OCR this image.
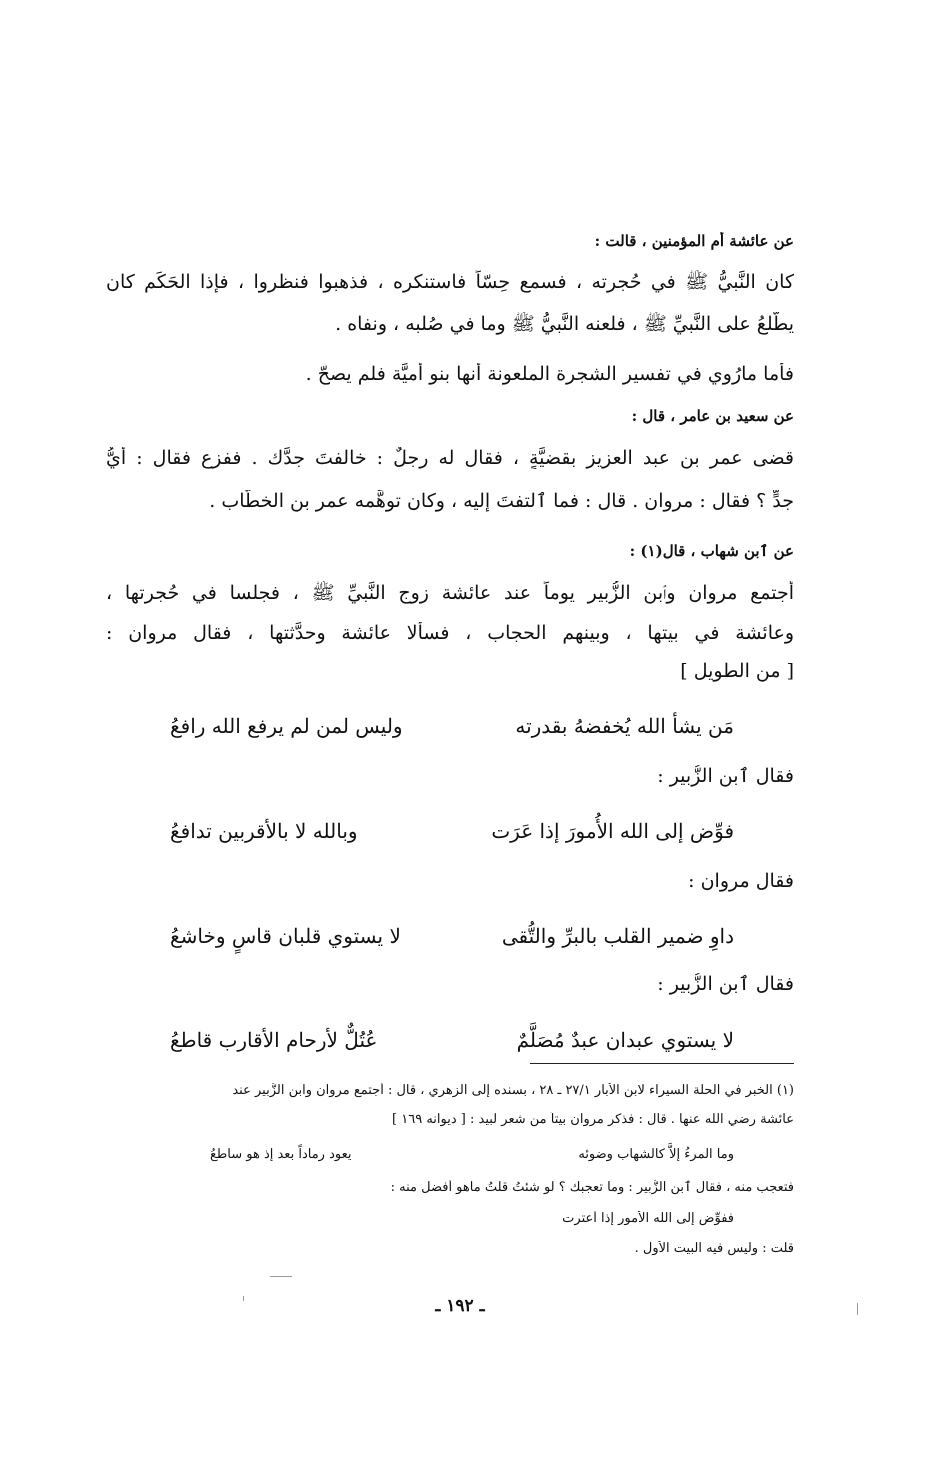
عن عائشة أم المؤمنين ، قالت :
كان النَّبيُّ ﷺ في حُجرته ، فسمع حِسّاً فاستنكره ، فذهبوا فنظروا ، فإذا الحَكَم كان
يطَّلعُ على النَّبيِّ ﷺ ، فلعنه النَّبيُّ ﷺ وما في صُلبه ، ونفاه .
فأما مارُوي في تفسير الشجرة الملعونة أنها بنو أُميَّة فلم يصحّ .
عن سعيد بن عامر ، قال :
قضى عمر بن عبد العزيز بقضيَّةٍ ، فقال له رجلٌ : خالفتَ جدَّك . ففزع فقال : أيُّ
جدٍّ ؟ فقال : مروان . قال : فما ٱلتفتَ إليه ، وكان توهَّمه عمر بن الخطَّاب .
عن ٱبن شهاب ، قال(١) :
أجتمع مروان وٱبن الزُّبير يوماً عند عائشة زوج النَّبيِّ ﷺ ، فجلسا في حُجرتها ،
وعائشة في بيتها ، وبينهم الحجاب ، فسألا عائشة وحدَّثتها ، فقال مروان :
[ من الطويل ]
مَن يشأ الله يُخفضهُ بقدرته
وليس لمن لم يرفع الله رافعُ
فقال ٱبن الزُّبير :
فوِّض إلى الله الأُمورَ إذا عَرَت
وبالله لا بالأقربين تدافعُ
فقال مروان :
داوِ ضمير القلب بالبرِّ والتُّقى
لا يستوي قلبان قاسٍ وخاشعُ
فقال ٱبن الزُّبير :
لا يستوي عبدان عبدٌ مُصَلَّمٌ
عُتُلٌّ لأرحام الأقارب قاطعُ
(١) الخبر في الحلة السيراء لابن الأبار ٢٧/١ ـ ٢٨ ، بسنده إلى الزهري ، قال : أجتمع مروان وابن الزُّبير عند
عائشة رضي الله عنها . قال : فذكر مروان بيتاً من شعر لبيد : [ ديوانه ١٦٩ ]
وما المرءُ إلاَّ كالشهاب وضوئه
يعود رماداً بعد إذ هو ساطعُ
فتعجب منه ، فقال ٱبن الزُّبير : وما تعجبك ؟ لو شئتُ قلتُ ماهو أفضل منه :
ففوِّض إلى الله الأُمور إذا أعترت
قلت : وليس فيه البيت الأول .
ـ ١٩٢ ـ
